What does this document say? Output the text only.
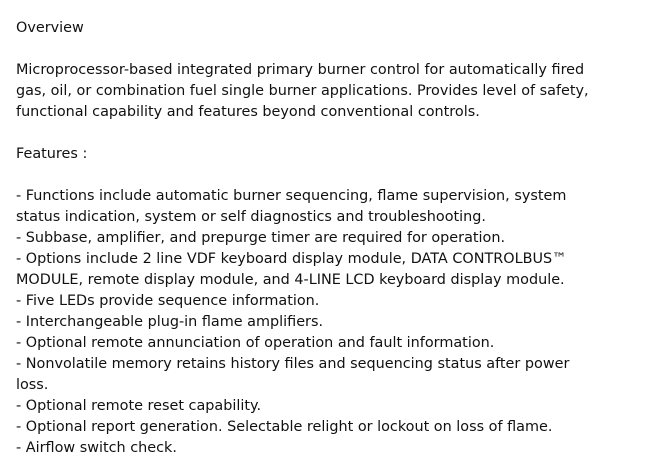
Overview

Microprocessor-based integrated primary burner control for automatically fired

gas, oil, or combination fuel single burner applications. Provides level of safety,

functional capability and features beyond conventional controls.

Features :

- Functions include automatic burner sequencing, flame supervision, system
status indication, system or self diagnostics and troubleshooting.
- Subbase, amplifier, and prepurge timer are required for operation.
- Options include 2 line VDF keyboard display module, DATA CONTROLBUS™
MODULE, remote display module, and 4-LINE LCD keyboard display module.
- Five LEDs provide sequence information.
- Interchangeable plug-in flame amplifiers.
- Optional remote annunciation of operation and fault information.
- Nonvolatile memory retains history files and sequencing status after power
loss.
- Optional remote reset capability.
- Optional report generation. Selectable relight or lockout on loss of flame.
- Airflow switch check.
